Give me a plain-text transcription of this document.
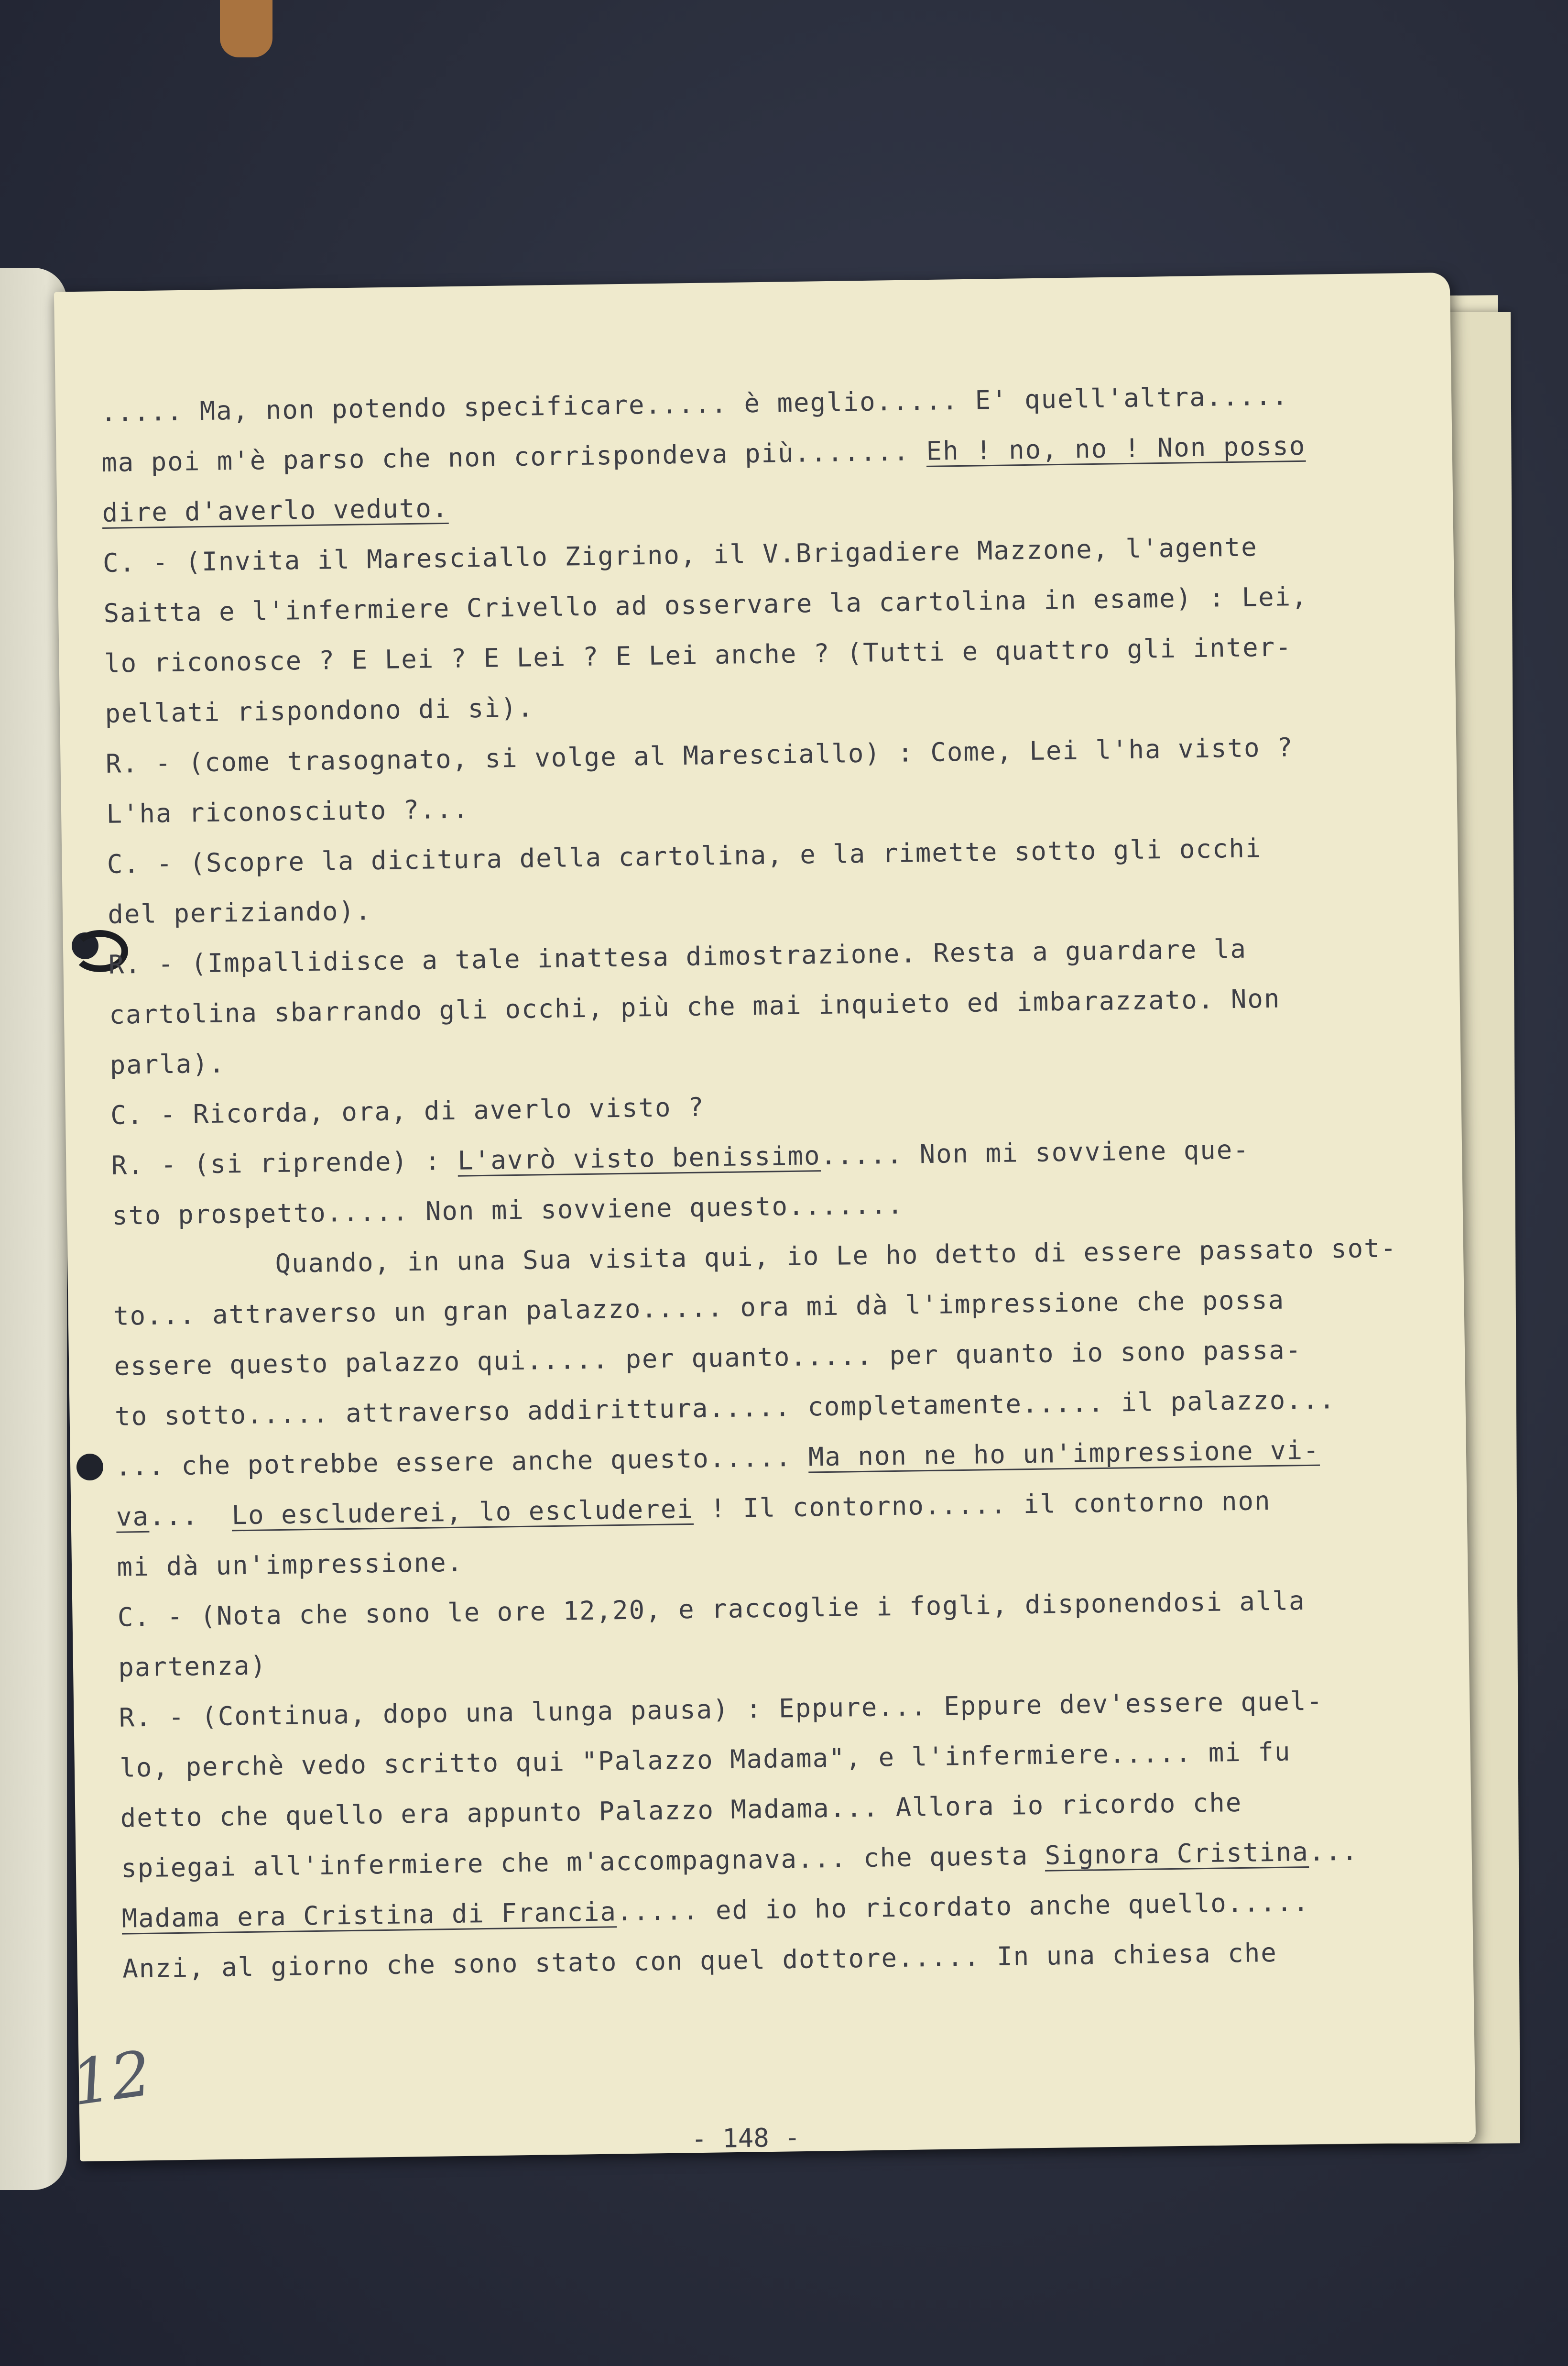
..... Ma, non potendo specificare..... è meglio..... E' quell'altra.....
ma poi m'è parso che non corrispondeva più....... Eh ! no, no ! Non posso
dire d'averlo veduto.
C. - (Invita il Maresciallo Zigrino, il V.Brigadiere Mazzone, l'agente
Saitta e l'infermiere Crivello ad osservare la cartolina in esame) : Lei,
lo riconosce ? E Lei ? E Lei ? E Lei anche ? (Tutti e quattro gli inter-
pellati rispondono di sì).
R. - (come trasognato, si volge al Maresciallo) : Come, Lei l'ha visto ?
L'ha riconosciuto ?...
C. - (Scopre la dicitura della cartolina, e la rimette sotto gli occhi
del periziando).
R. - (Impallidisce a tale inattesa dimostrazione. Resta a guardare la
cartolina sbarrando gli occhi, più che mai inquieto ed imbarazzato. Non
parla).
C. - Ricorda, ora, di averlo visto ?
R. - (si riprende) : L'avrò visto benissimo..... Non mi sovviene que-
sto prospetto..... Non mi sovviene questo.......
Quando, in una Sua visita qui, io Le ho detto di essere passato sot-
to... attraverso un gran palazzo..... ora mi dà l'impressione che possa
essere questo palazzo qui..... per quanto..... per quanto io sono passa-
to sotto..... attraverso addirittura..... completamente..... il palazzo...
... che potrebbe essere anche questo..... Ma non ne ho un'impressione vi-
va...  Lo escluderei, lo escluderei ! Il contorno..... il contorno non
mi dà un'impressione.
C. - (Nota che sono le ore 12,20, e raccoglie i fogli, disponendosi alla
partenza)
R. - (Continua, dopo una lunga pausa) : Eppure... Eppure dev'essere quel-
lo, perchè vedo scritto qui "Palazzo Madama", e l'infermiere..... mi fu
detto che quello era appunto Palazzo Madama... Allora io ricordo che
spiegai all'infermiere che m'accompagnava... che questa Signora Cristina...
Madama era Cristina di Francia..... ed io ho ricordato anche quello.....
Anzi, al giorno che sono stato con quel dottore..... In una chiesa che
- 148 -
12
